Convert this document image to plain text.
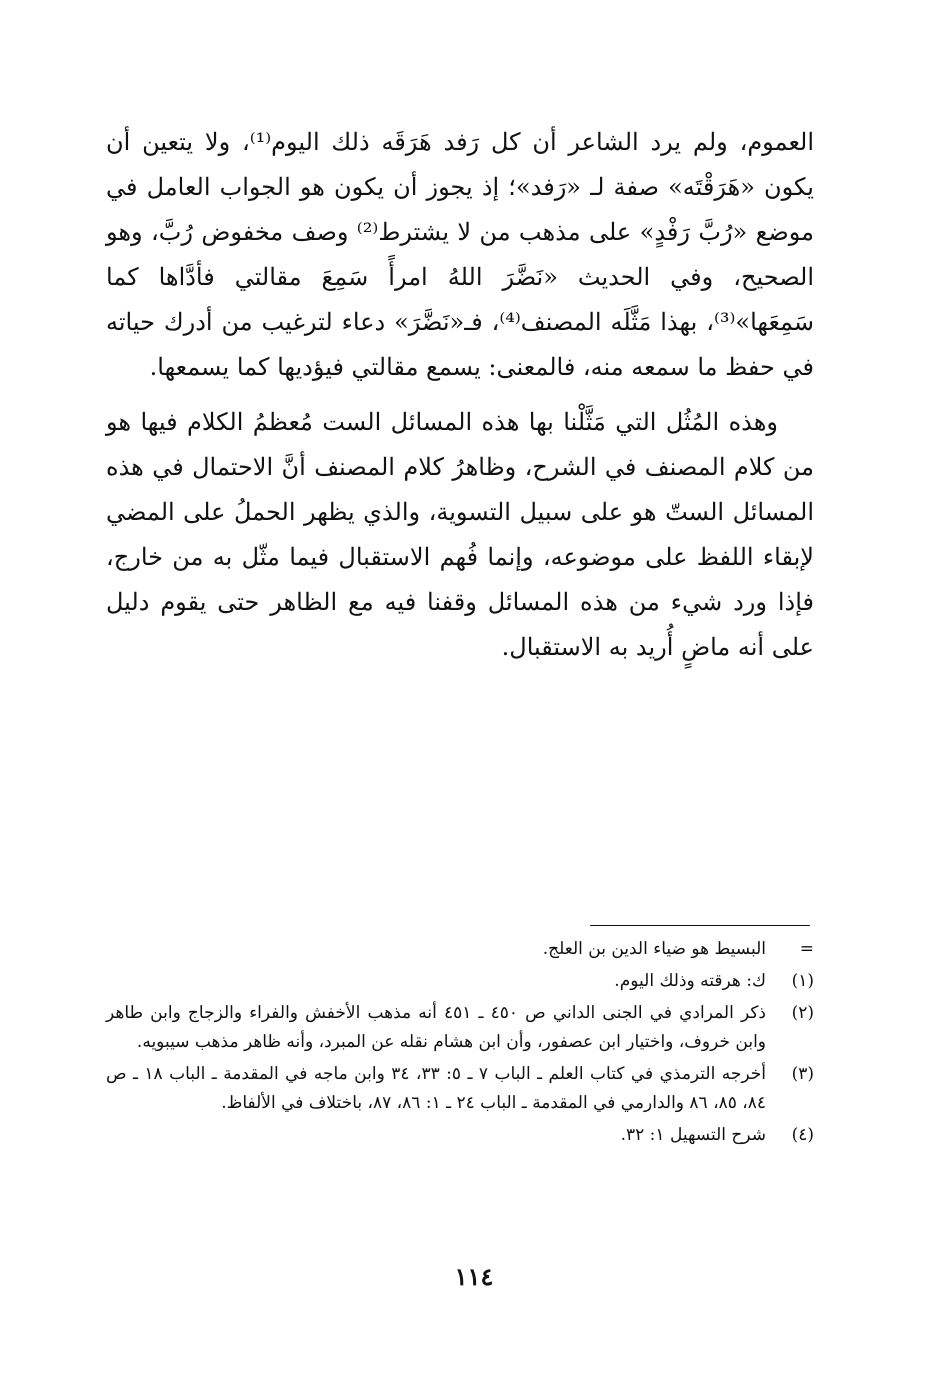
العموم، ولم يرد الشاعر أن كل رَفد هَرَقَه ذلك اليوم⁽¹⁾، ولا يتعين أن يكون «هَرَقْتَه» صفة لـ «رَفد»؛ إذ يجوز أن يكون هو الجواب العامل في موضع «رُبَّ رَفْدٍ» على مذهب من لا يشترط⁽²⁾ وصف مخفوض رُبَّ، وهو الصحيح، وفي الحديث «نَضَّرَ اللهُ امرأً سَمِعَ مقالتي فأدَّاها كما سَمِعَها»⁽³⁾، بهذا مَثَّلَه المصنف⁽⁴⁾، فـ«نَضَّرَ» دعاء لترغيب من أدرك حياته في حفظ ما سمعه منه، فالمعنى: يسمع مقالتي فيؤديها كما يسمعها.

وهذه المُثُل التي مَثَّلْنا بها هذه المسائل الست مُعظمُ الكلام فيها هو من كلام المصنف في الشرح، وظاهرُ كلام المصنف أنَّ الاحتمال في هذه المسائل الستّ هو على سبيل التسوية، والذي يظهر الحملُ على المضي لإبقاء اللفظ على موضوعه، وإنما فُهم الاستقبال فيما مثّل به من خارج، فإذا ورد شيء من هذه المسائل وقفنا فيه مع الظاهر حتى يقوم دليل على أنه ماضٍ أُريد به الاستقبال.

=
البسيط هو ضياء الدين بن العلج.
(١)
ك: هرقته وذلك اليوم.
(٢)
ذكر المرادي في الجنى الداني ص ٤٥٠ ـ ٤٥١ أنه مذهب الأخفش والفراء والزجاج وابن طاهر وابن خروف، واختيار ابن عصفور، وأن ابن هشام نقله عن المبرد، وأنه ظاهر مذهب سيبويه.
(٣)
أخرجه الترمذي في كتاب العلم ـ الباب ٧ ـ ٥: ٣٣، ٣٤ وابن ماجه في المقدمة ـ الباب ١٨ ـ ص ٨٤، ٨٥، ٨٦ والدارمي في المقدمة ـ الباب ٢٤ ـ ١: ٨٦، ٨٧، باختلاف في الألفاظ.
(٤)
شرح التسهيل ١: ٣٢.
١١٤
